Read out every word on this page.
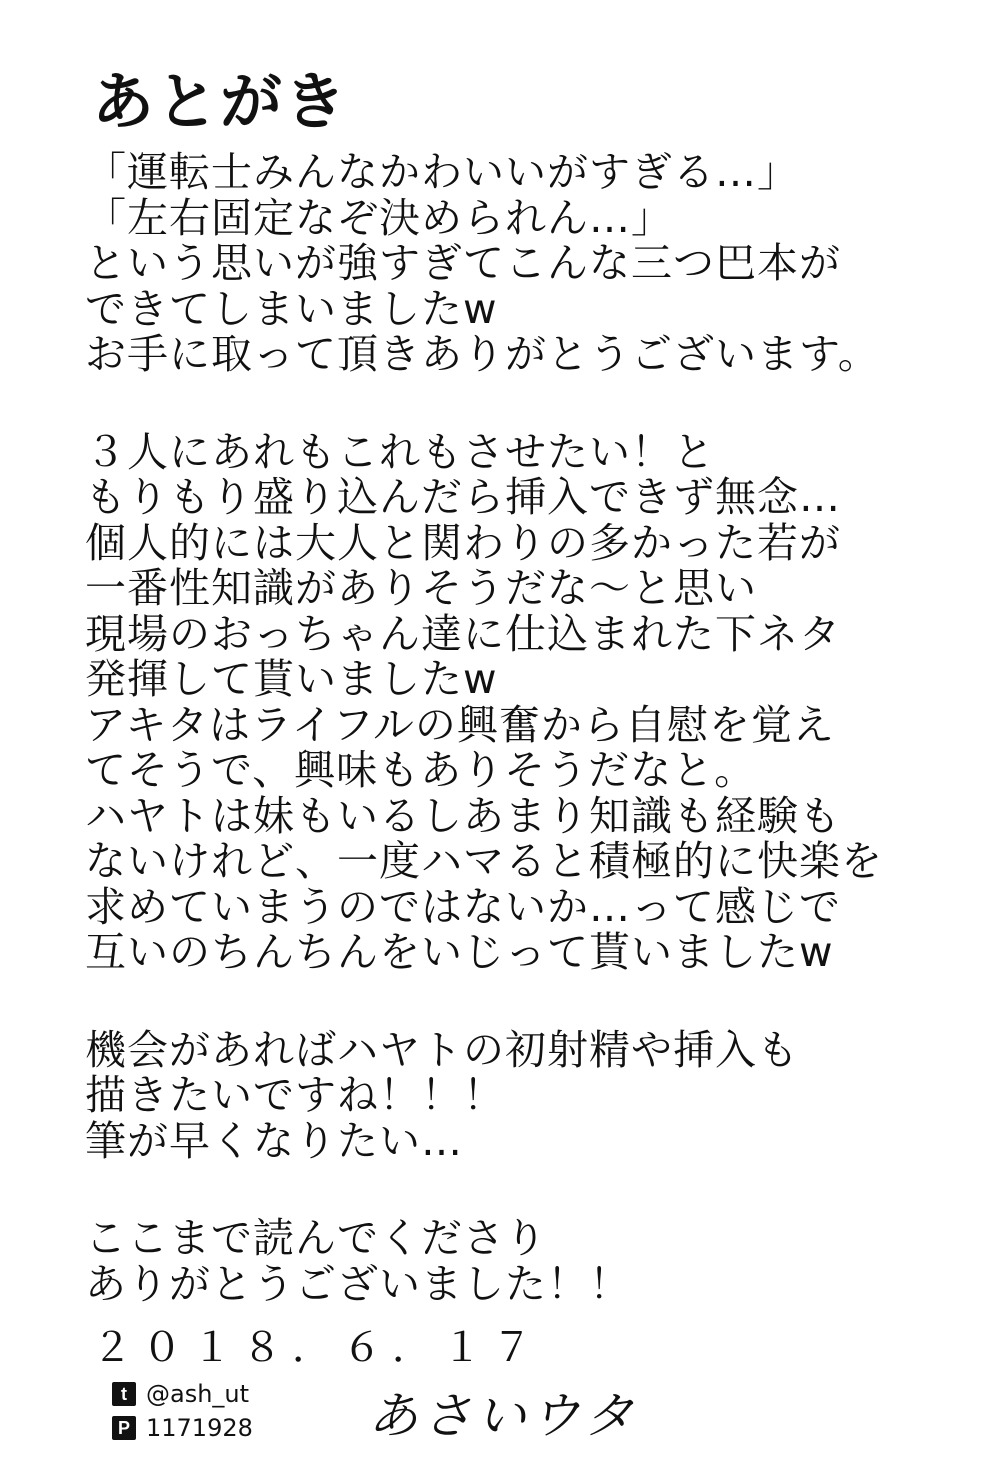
あとがき
「運転士みんなかわいいがすぎる…」
「左右固定なぞ決められん…」
という思いが強すぎてこんな三つ巴本が
できてしまいましたw
お手に取って頂きありがとうございます。
３人にあれもこれもさせたい！と
もりもり盛り込んだら挿入できず無念…
個人的には大人と関わりの多かった若が
一番性知識がありそうだな～と思い
現場のおっちゃん達に仕込まれた下ネタ
発揮して貰いましたw
アキタはライフルの興奮から自慰を覚え
てそうで、興味もありそうだなと。
ハヤトは妹もいるしあまり知識も経験も
ないけれど、一度ハマると積極的に快楽を
求めていまうのではないか…って感じで
互いのちんちんをいじって貰いましたw
機会があればハヤトの初射精や挿入も
描きたいですね！！！
筆が早くなりたい…
ここまで読んでくださり
ありがとうございました！！
２０１８．６．１７
t @ash_ut
P 1171928 あさいウタ
